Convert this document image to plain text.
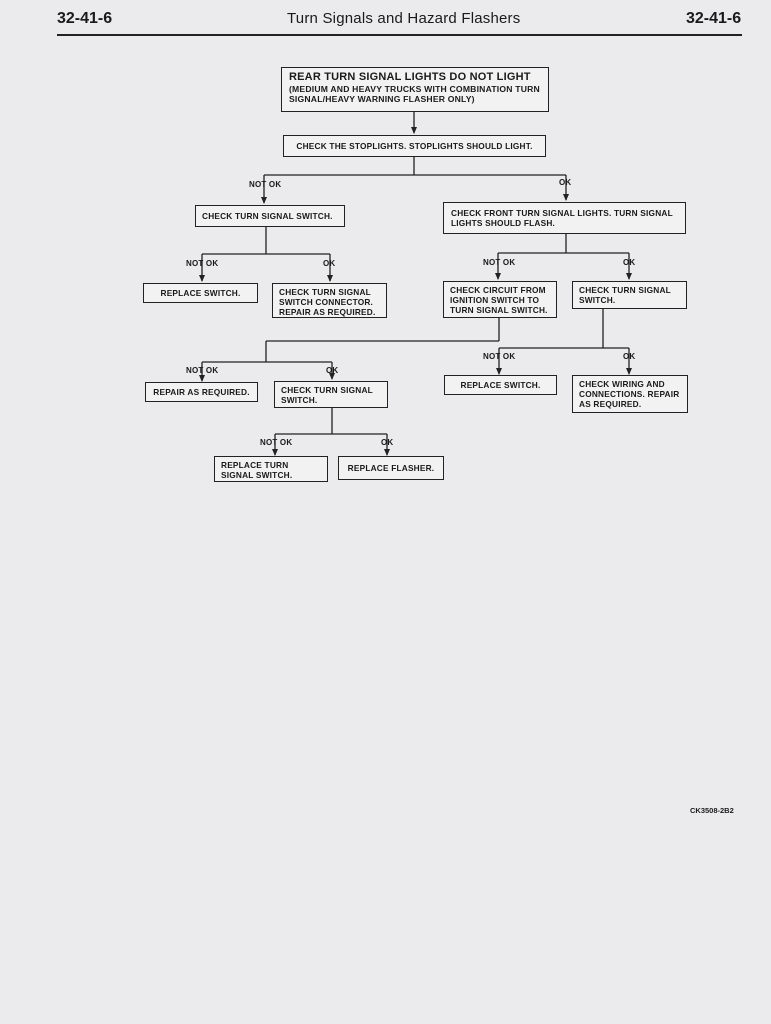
32-41-6	Turn Signals and Hazard Flashers	32-41-6
REAR TURN SIGNAL LIGHTS DO NOT LIGHT
(MEDIUM AND HEAVY TRUCKS WITH COMBINATION TURN SIGNAL/HEAVY WARNING FLASHER ONLY)
CHECK THE STOPLIGHTS. STOPLIGHTS SHOULD LIGHT.
NOT OK	OK
CHECK TURN SIGNAL SWITCH.	CHECK FRONT TURN SIGNAL LIGHTS. TURN SIGNAL LIGHTS SHOULD FLASH.
NOT OK	OK	NOT OK	OK
REPLACE SWITCH.	CHECK TURN SIGNAL SWITCH CONNECTOR. REPAIR AS REQUIRED.
CHECK CIRCUIT FROM IGNITION SWITCH TO TURN SIGNAL SWITCH.
CHECK TURN SIGNAL SWITCH.
NOT OK	OK
NOT OK	OK
REPAIR AS REQUIRED.	CHECK TURN SIGNAL SWITCH.
REPLACE SWITCH.	CHECK WIRING AND CONNECTIONS. REPAIR AS REQUIRED.
NOT OK	OK
REPLACE TURN SIGNAL SWITCH.
REPLACE FLASHER.
CK3508-2B2
